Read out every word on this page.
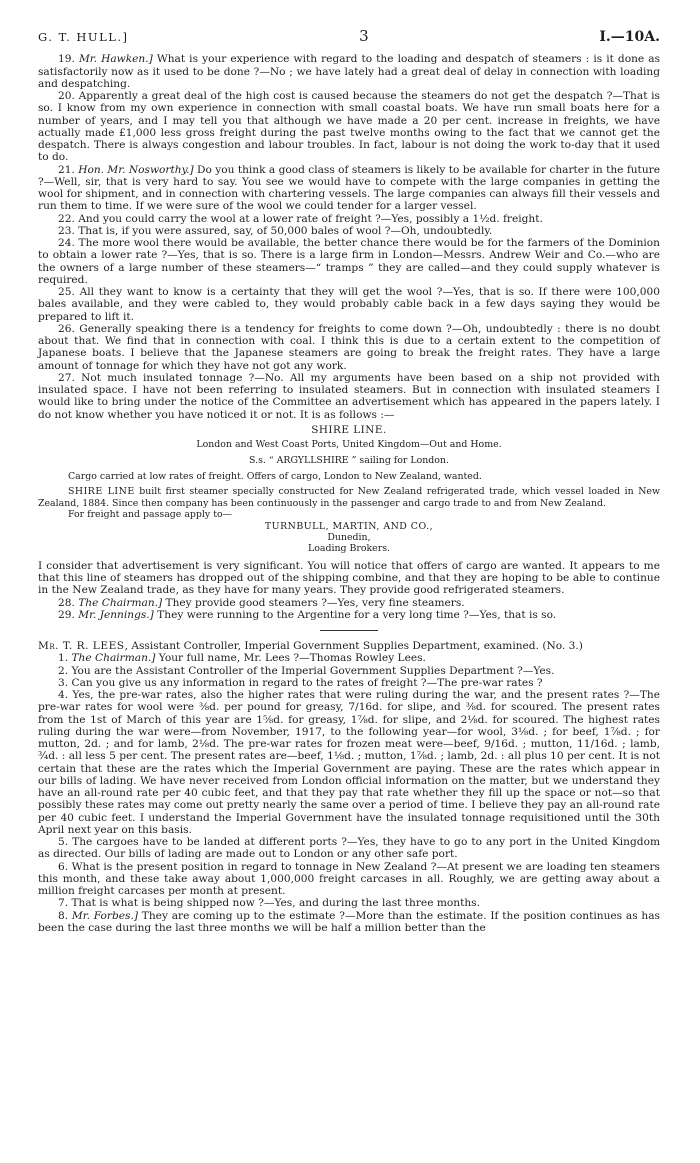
G. T. HULL.]	3	I.—10A.

19. Mr. Hawken.] What is your experience with regard to the loading and despatch of steamers : is it done as satisfactorily now as it used to be done ?—No ; we have lately had a great deal of delay in connection with loading and despatching.

20. Apparently a great deal of the high cost is caused because the steamers do not get the despatch ?—That is so. I know from my own experience in connection with small coastal boats. We have run small boats here for a number of years, and I may tell you that although we have made a 20 per cent. increase in freights, we have actually made £1,000 less gross freight during the past twelve months owing to the fact that we cannot get the despatch. There is always congestion and labour troubles. In fact, labour is not doing the work to-day that it used to do.

21. Hon. Mr. Nosworthy.] Do you think a good class of steamers is likely to be available for charter in the future ?—Well, sir, that is very hard to say. You see we would have to compete with the large companies in getting the wool for shipment, and in connection with chartering vessels. The large companies can always fill their vessels and run them to time. If we were sure of the wool we could tender for a larger vessel.

22. And you could carry the wool at a lower rate of freight ?—Yes, possibly a 1½d. freight.

23. That is, if you were assured, say, of 50,000 bales of wool ?—Oh, undoubtedly.

24. The more wool there would be available, the better chance there would be for the farmers of the Dominion to obtain a lower rate ?—Yes, that is so. There is a large firm in London—Messrs. Andrew Weir and Co.—who are the owners of a large number of these steamers—“ tramps ” they are called—and they could supply whatever is required.

25. All they want to know is a certainty that they will get the wool ?—Yes, that is so. If there were 100,000 bales available, and they were cabled to, they would probably cable back in a few days saying they would be prepared to lift it.

26. Generally speaking there is a tendency for freights to come down ?—Oh, undoubtedly : there is no doubt about that. We find that in connection with coal. I think this is due to a certain extent to the competition of Japanese boats. I believe that the Japanese steamers are going to break the freight rates. They have a large amount of tonnage for which they have not got any work.

27. Not much insulated tonnage ?—No. All my arguments have been based on a ship not provided with insulated space. I have not been referring to insulated steamers. But in connection with insulated steamers I would like to bring under the notice of the Committee an advertisement which has appeared in the papers lately. I do not know whether you have noticed it or not. It is as follows :—

SHIRE LINE.

London and West Coast Ports, United Kingdom—Out and Home.

S.s. “ ARGYLLSHIRE ” sailing for London.

Cargo carried at low rates of freight. Offers of cargo, London to New Zealand, wanted.

SHIRE LINE built first steamer specially constructed for New Zealand refrigerated trade, which vessel loaded in New Zealand, 1884. Since then company has been continuously in the passenger and cargo trade to and from New Zealand.

For freight and passage apply to—

TURNBULL, MARTIN, AND CO.,

Dunedin,

Loading Brokers.

I consider that advertisement is very significant. You will notice that offers of cargo are wanted. It appears to me that this line of steamers has dropped out of the shipping combine, and that they are hoping to be able to continue in the New Zealand trade, as they have for many years. They provide good refrigerated steamers.

28. The Chairman.] They provide good steamers ?—Yes, very fine steamers.

29. Mr. Jennings.] They were running to the Argentine for a very long time ?—Yes, that is so.

Mr. T. R. LEES, Assistant Controller, Imperial Government Supplies Department, examined. (No. 3.)

1. The Chairman.] Your full name, Mr. Lees ?—Thomas Rowley Lees.

2. You are the Assistant Controller of the Imperial Government Supplies Department ?—Yes.

3. Can you give us any information in regard to the rates of freight ?—The pre-war rates ?

4. Yes, the pre-war rates, also the higher rates that were ruling during the war, and the present rates ?—The pre-war rates for wool were ⅜d. per pound for greasy, 7/16d. for slipe, and ⅜d. for scoured. The present rates from the 1st of March of this year are 1⅝d. for greasy, 1⅞d. for slipe, and 2⅛d. for scoured. The highest rates ruling during the war were—from November, 1917, to the following year—for wool, 3⅛d. ; for beef, 1⅞d. ; for mutton, 2d. ; and for lamb, 2⅛d. The pre-war rates for frozen meat were—beef, 9/16d. ; mutton, 11/16d. ; lamb, ¾d. : all less 5 per cent. The present rates are—beef, 1⅛d. ; mutton, 1⅞d. ; lamb, 2d. : all plus 10 per cent. It is not certain that these are the rates which the Imperial Government are paying. These are the rates which appear in our bills of lading. We have never received from London official information on the matter, but we understand they have an all-round rate per 40 cubic feet, and that they pay that rate whether they fill up the space or not—so that possibly these rates may come out pretty nearly the same over a period of time. I believe they pay an all-round rate per 40 cubic feet. I understand the Imperial Government have the insulated tonnage requisitioned until the 30th April next year on this basis.

5. The cargoes have to be landed at different ports ?—Yes, they have to go to any port in the United Kingdom as directed. Our bills of lading are made out to London or any other safe port.

6. What is the present position in regard to tonnage in New Zealand ?—At present we are loading ten steamers this month, and these take away about 1,000,000 freight carcases in all. Roughly, we are getting away about a million freight carcases per month at present.

7. That is what is being shipped now ?—Yes, and during the last three months.

8. Mr. Forbes.] They are coming up to the estimate ?—More than the estimate. If the position continues as has been the case during the last three months we will be half a million better than the
